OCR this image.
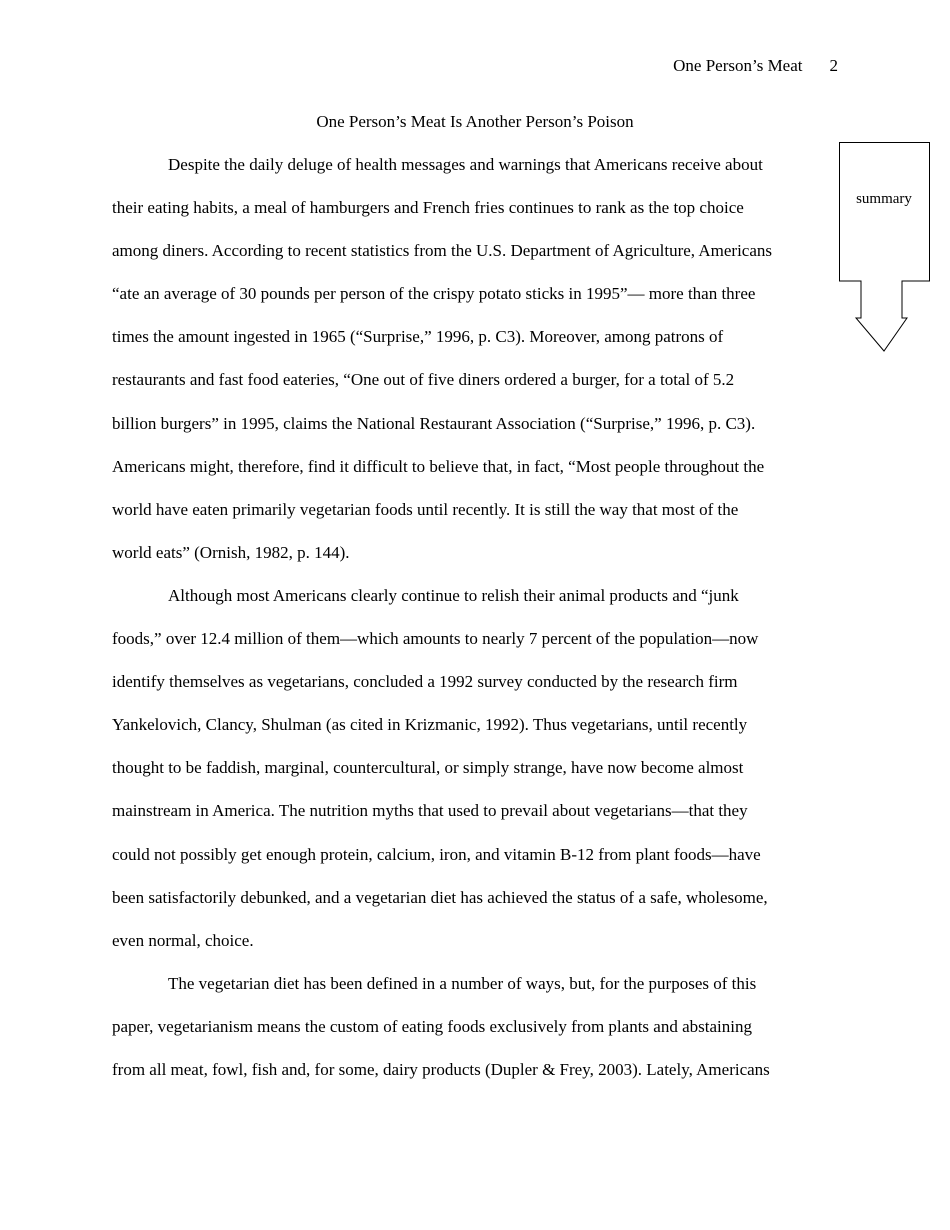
One Person’s Meat 2
One Person’s Meat Is Another Person’s Poison
Despite the daily deluge of health messages and warnings that Americans receive about
their eating habits, a meal of hamburgers and French fries continues to rank as the top choice
among diners. According to recent statistics from the U.S. Department of Agriculture, Americans
“ate an average of 30 pounds per person of the crispy potato sticks in 1995”— more than three
times the amount ingested in 1965 (“Surprise,” 1996, p. C3). Moreover, among patrons of
restaurants and fast food eateries, “One out of five diners ordered a burger, for a total of 5.2
billion burgers” in 1995, claims the National Restaurant Association (“Surprise,” 1996, p. C3).
Americans might, therefore, find it difficult to believe that, in fact, “Most people throughout the
world have eaten primarily vegetarian foods until recently. It is still the way that most of the
world eats” (Ornish, 1982, p. 144).
Although most Americans clearly continue to relish their animal products and “junk
foods,” over 12.4 million of them—which amounts to nearly 7 percent of the population—now
identify themselves as vegetarians, concluded a 1992 survey conducted by the research firm
Yankelovich, Clancy, Shulman (as cited in Krizmanic, 1992). Thus vegetarians, until recently
thought to be faddish, marginal, countercultural, or simply strange, have now become almost
mainstream in America. The nutrition myths that used to prevail about vegetarians—that they
could not possibly get enough protein, calcium, iron, and vitamin B-12 from plant foods—have
been satisfactorily debunked, and a vegetarian diet has achieved the status of a safe, wholesome,
even normal, choice.
The vegetarian diet has been defined in a number of ways, but, for the purposes of this
paper, vegetarianism means the custom of eating foods exclusively from plants and abstaining
from all meat, fowl, fish and, for some, dairy products (Dupler & Frey, 2003). Lately, Americans
summary
